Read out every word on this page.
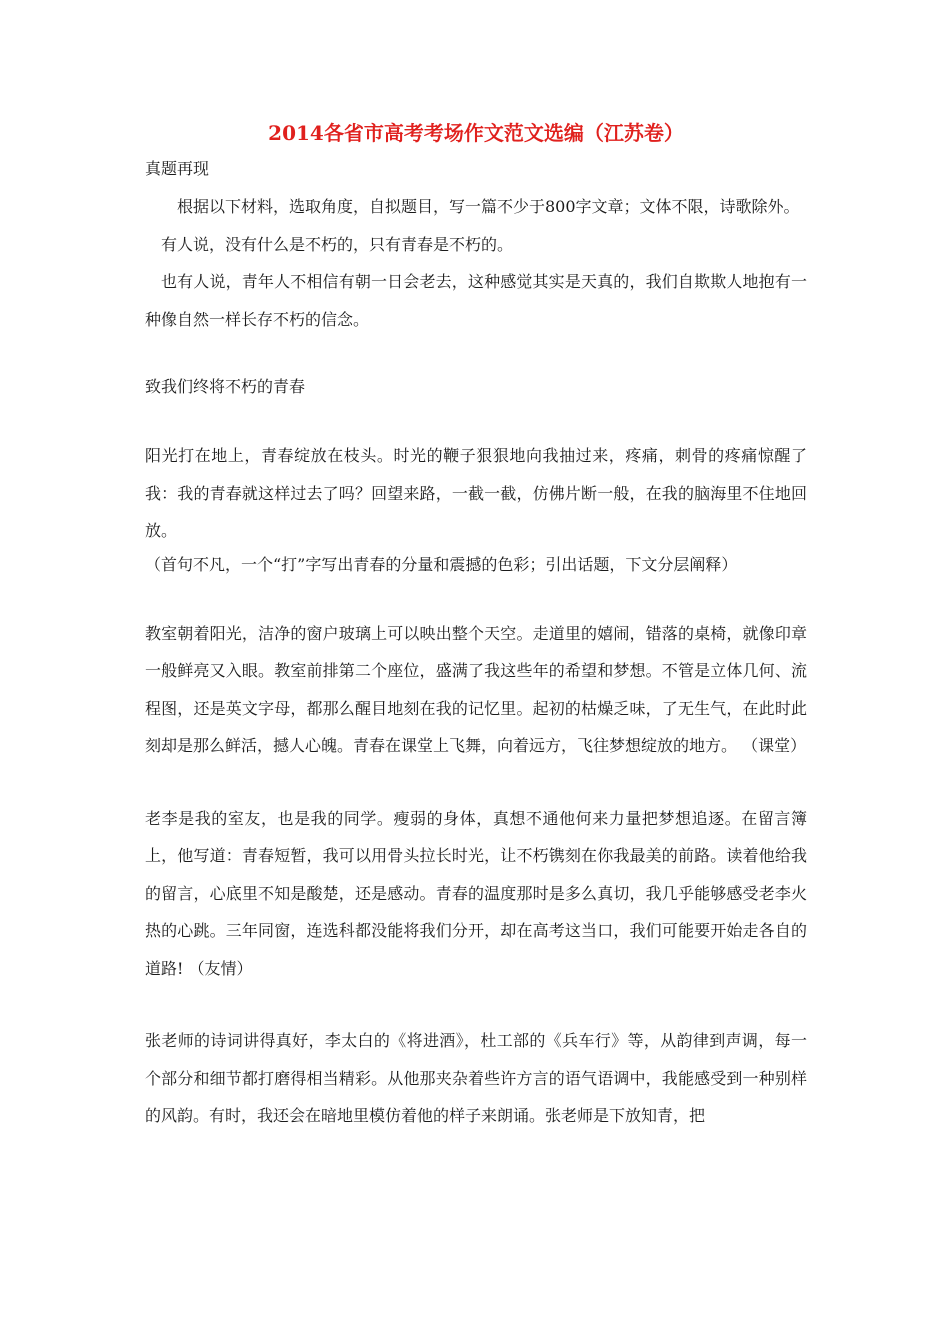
2014各省市高考考场作文范文选编（江苏卷）

真题再现

根据以下材料，选取角度，自拟题目，写一篇不少于800字文章；文体不限，诗歌除外。

有人说，没有什么是不朽的，只有青春是不朽的。

也有人说，青年人不相信有朝一日会老去，这种感觉其实是天真的，我们自欺欺人地抱有一种像自然一样长存不朽的信念。

致我们终将不朽的青春

阳光打在地上，青春绽放在枝头。时光的鞭子狠狠地向我抽过来，疼痛，刺骨的疼痛惊醒了我：我的青春就这样过去了吗？回望来路，一截一截，仿佛片断一般，在我的脑海里不住地回放。

（首句不凡，一个“打”字写出青春的分量和震撼的色彩；引出话题，下文分层阐释）

教室朝着阳光，洁净的窗户玻璃上可以映出整个天空。走道里的嬉闹，错落的桌椅，就像印章一般鲜亮又入眼。教室前排第二个座位，盛满了我这些年的希望和梦想。不管是立体几何、流程图，还是英文字母，都那么醒目地刻在我的记忆里。起初的枯燥乏味，了无生气，在此时此刻却是那么鲜活，撼人心魄。青春在课堂上飞舞，向着远方，飞往梦想绽放的地方。 （课堂）

老李是我的室友，也是我的同学。瘦弱的身体，真想不通他何来力量把梦想追逐。在留言簿上，他写道：青春短暂，我可以用骨头拉长时光，让不朽镌刻在你我最美的前路。读着他给我的留言，心底里不知是酸楚，还是感动。青春的温度那时是多么真切，我几乎能够感受老李火热的心跳。三年同窗，连选科都没能将我们分开，却在高考这当口，我们可能要开始走各自的道路! （友情）

张老师的诗词讲得真好，李太白的《将进酒》，杜工部的《兵车行》等，从韵律到声调，每一个部分和细节都打磨得相当精彩。从他那夹杂着些许方言的语气语调中，我能感受到一种别样的风韵。有时，我还会在暗地里模仿着他的样子来朗诵。张老师是下放知青，把
